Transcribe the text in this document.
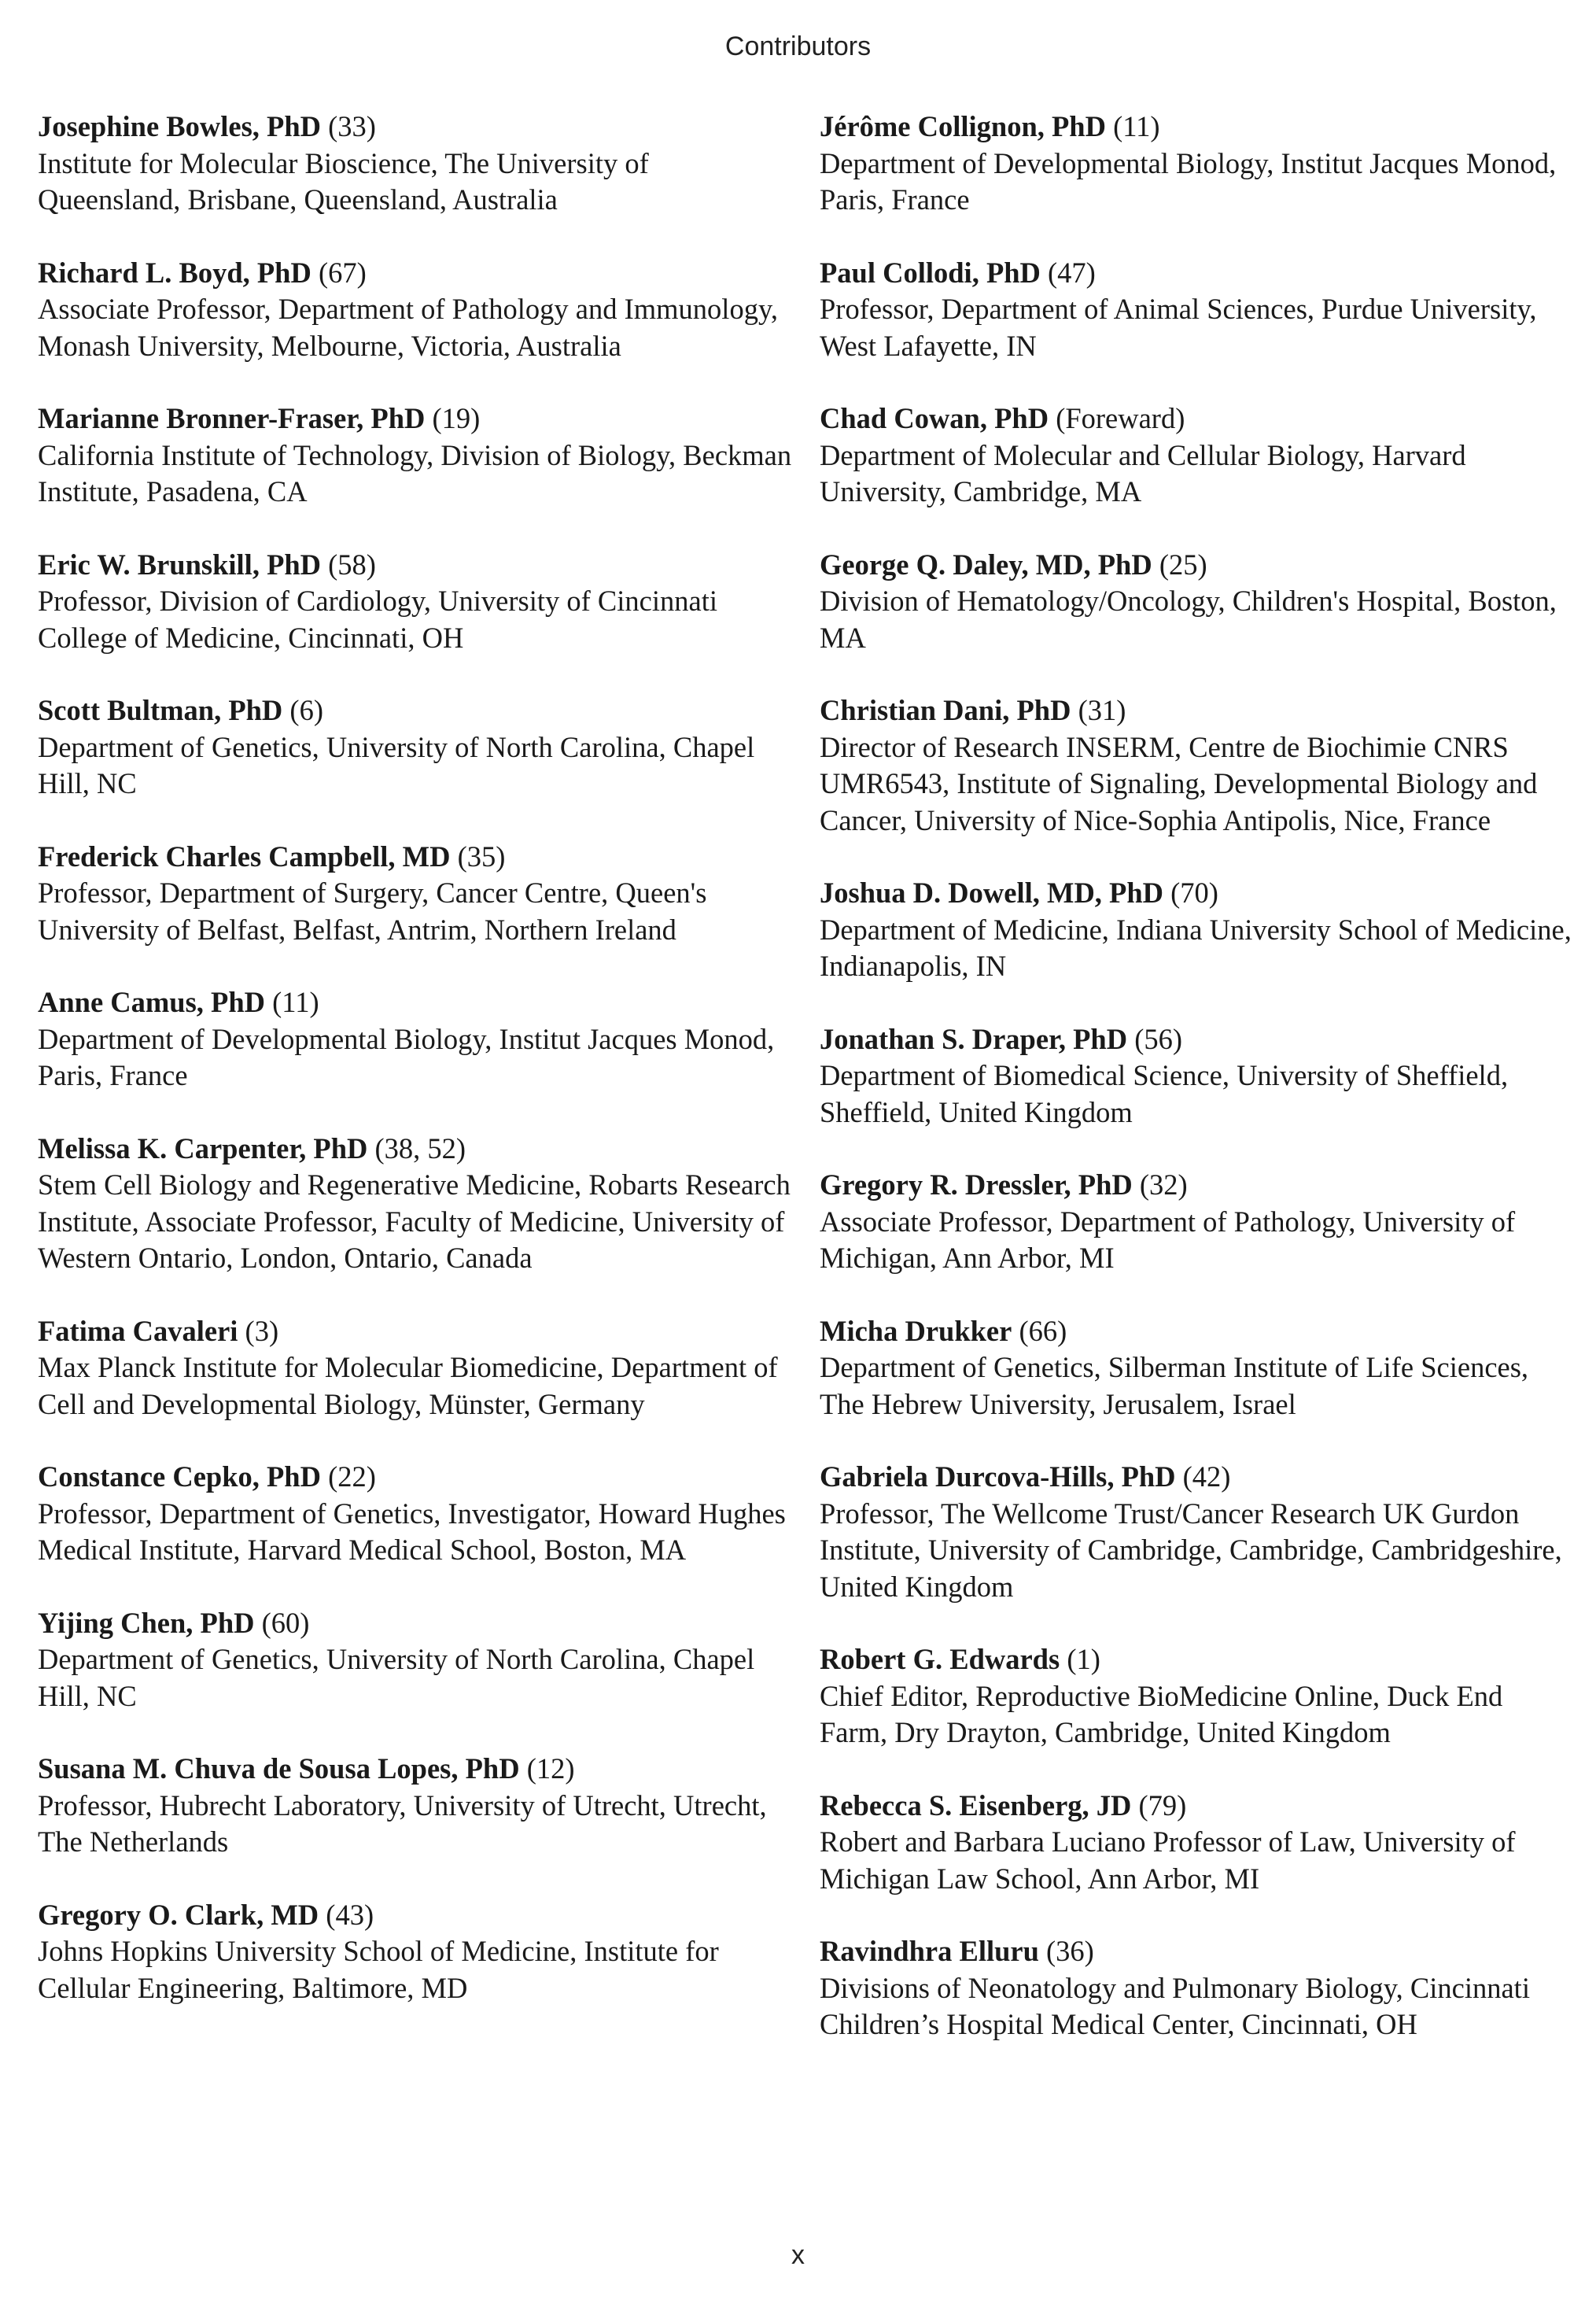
Contributors
Josephine Bowles, PhD (33)
Institute for Molecular Bioscience, The University of Queensland, Brisbane, Queensland, Australia
Richard L. Boyd, PhD (67)
Associate Professor, Department of Pathology and Immunology, Monash University, Melbourne, Victoria, Australia
Marianne Bronner-Fraser, PhD (19)
California Institute of Technology, Division of Biology, Beckman Institute, Pasadena, CA
Eric W. Brunskill, PhD (58)
Professor, Division of Cardiology, University of Cincinnati College of Medicine, Cincinnati, OH
Scott Bultman, PhD (6)
Department of Genetics, University of North Carolina, Chapel Hill, NC
Frederick Charles Campbell, MD (35)
Professor, Department of Surgery, Cancer Centre, Queen's University of Belfast, Belfast, Antrim, Northern Ireland
Anne Camus, PhD (11)
Department of Developmental Biology, Institut Jacques Monod, Paris, France
Melissa K. Carpenter, PhD (38, 52)
Stem Cell Biology and Regenerative Medicine, Robarts Research Institute, Associate Professor, Faculty of Medicine, University of Western Ontario, London, Ontario, Canada
Fatima Cavaleri (3)
Max Planck Institute for Molecular Biomedicine, Department of Cell and Developmental Biology, Münster, Germany
Constance Cepko, PhD (22)
Professor, Department of Genetics, Investigator, Howard Hughes Medical Institute, Harvard Medical School, Boston, MA
Yijing Chen, PhD (60)
Department of Genetics, University of North Carolina, Chapel Hill, NC
Susana M. Chuva de Sousa Lopes, PhD (12)
Professor, Hubrecht Laboratory, University of Utrecht, Utrecht, The Netherlands
Gregory O. Clark, MD (43)
Johns Hopkins University School of Medicine, Institute for Cellular Engineering, Baltimore, MD
Jérôme Collignon, PhD (11)
Department of Developmental Biology, Institut Jacques Monod, Paris, France
Paul Collodi, PhD (47)
Professor, Department of Animal Sciences, Purdue University, West Lafayette, IN
Chad Cowan, PhD (Foreward)
Department of Molecular and Cellular Biology, Harvard University, Cambridge, MA
George Q. Daley, MD, PhD (25)
Division of Hematology/Oncology, Children's Hospital, Boston, MA
Christian Dani, PhD (31)
Director of Research INSERM, Centre de Biochimie CNRS UMR6543, Institute of Signaling, Developmental Biology and Cancer, University of Nice-Sophia Antipolis, Nice, France
Joshua D. Dowell, MD, PhD (70)
Department of Medicine, Indiana University School of Medicine, Indianapolis, IN
Jonathan S. Draper, PhD (56)
Department of Biomedical Science, University of Sheffield, Sheffield, United Kingdom
Gregory R. Dressler, PhD (32)
Associate Professor, Department of Pathology, University of Michigan, Ann Arbor, MI
Micha Drukker (66)
Department of Genetics, Silberman Institute of Life Sciences, The Hebrew University, Jerusalem, Israel
Gabriela Durcova-Hills, PhD (42)
Professor, The Wellcome Trust/Cancer Research UK Gurdon Institute, University of Cambridge, Cambridge, Cambridgeshire, United Kingdom
Robert G. Edwards (1)
Chief Editor, Reproductive BioMedicine Online, Duck End Farm, Dry Drayton, Cambridge, United Kingdom
Rebecca S. Eisenberg, JD (79)
Robert and Barbara Luciano Professor of Law, University of Michigan Law School, Ann Arbor, MI
Ravindhra Elluru (36)
Divisions of Neonatology and Pulmonary Biology, Cincinnati Children’s Hospital Medical Center, Cincinnati, OH
x
